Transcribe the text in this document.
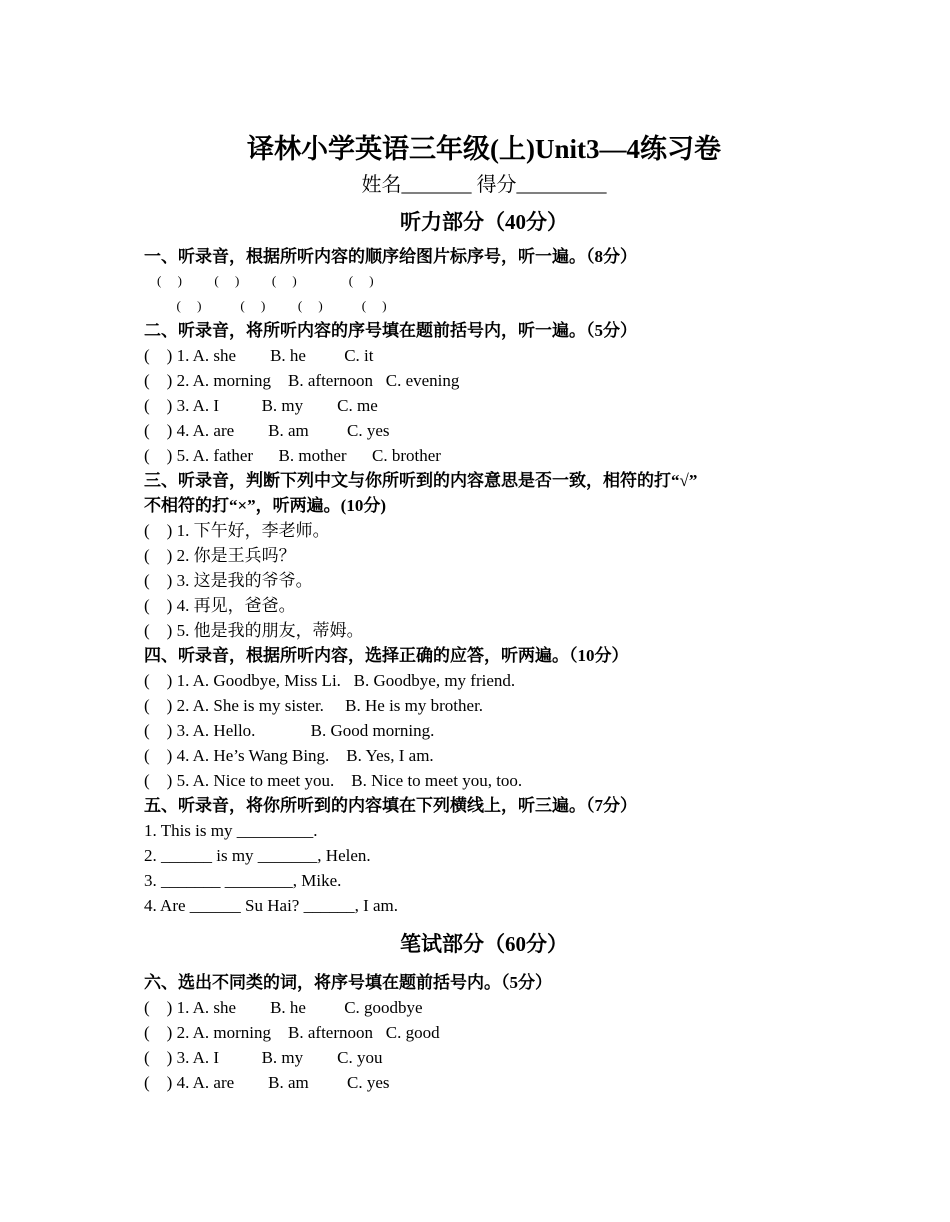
译林小学英语三年级(上)Unit3—4练习卷
姓名_______ 得分_________
听力部分（40分）
一、听录音，根据所听内容的顺序给图片标序号，听一遍。（8分）
(     )          (     )          (     )                (     )
(     )            (     )          (     )            (     )
二、听录音，将所听内容的序号填在题前括号内，听一遍。（5分）
(    ) 1. A. she        B. he         C. it
(    ) 2. A. morning    B. afternoon   C. evening
(    ) 3. A. I          B. my        C. me
(    ) 4. A. are        B. am         C. yes
(    ) 5. A. father      B. mother      C. brother
三、听录音，判断下列中文与你所听到的内容意思是否一致，相符的打“√”
不相符的打“×”，听两遍。(10分)
(    ) 1. 下午好，李老师。
(    ) 2. 你是王兵吗？
(    ) 3. 这是我的爷爷。
(    ) 4. 再见，爸爸。
(    ) 5. 他是我的朋友，蒂姆。
四、听录音，根据所听内容，选择正确的应答，听两遍。（10分）
(    ) 1. A. Goodbye, Miss Li.   B. Goodbye, my friend.
(    ) 2. A. She is my sister.     B. He is my brother.
(    ) 3. A. Hello.             B. Good morning.
(    ) 4. A. He’s Wang Bing.    B. Yes, I am.
(    ) 5. A. Nice to meet you.    B. Nice to meet you, too.
五、听录音，将你所听到的内容填在下列横线上，听三遍。（7分）
1. This is my _________.
2. ______ is my _______, Helen.
3. _______ ________, Mike.
4. Are ______ Su Hai? ______, I am.
笔试部分（60分）
六、选出不同类的词，将序号填在题前括号内。（5分）
(    ) 1. A. she        B. he         C. goodbye
(    ) 2. A. morning    B. afternoon   C. good
(    ) 3. A. I          B. my        C. you
(    ) 4. A. are        B. am         C. yes
